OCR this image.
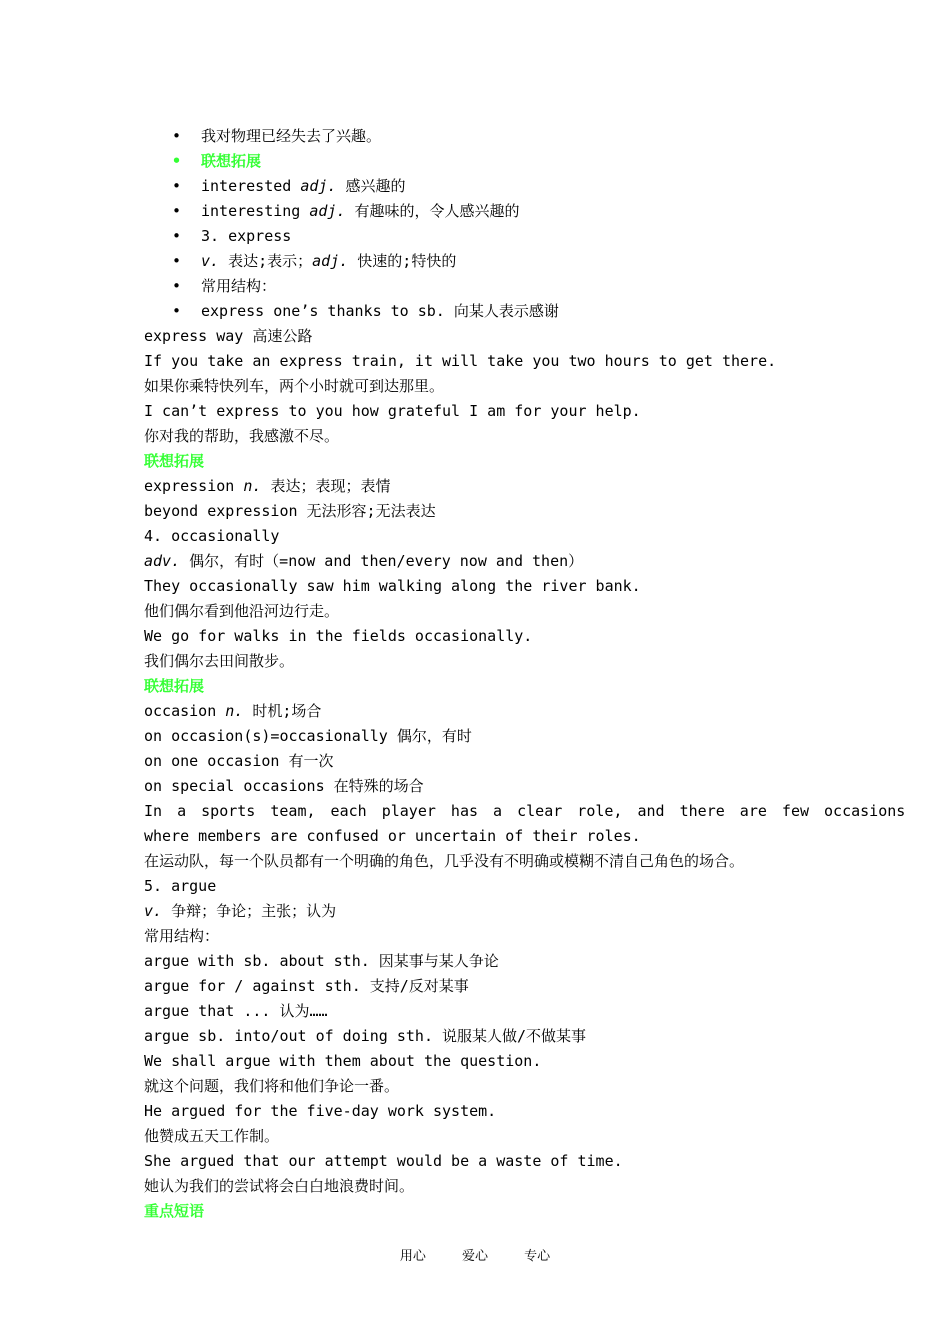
• 我对物理已经失去了兴趣。
• 联想拓展
• interested adj. 感兴趣的
• interesting adj. 有趣味的，令人感兴趣的
• 3. express
• v. 表达;表示；adj. 快速的;特快的
• 常用结构：
• express one’s thanks to sb. 向某人表示感谢
express way 高速公路
If you take an express train, it will take you two hours to get there.
如果你乘特快列车，两个小时就可到达那里。
I can’t express to you how grateful I am for your help.
你对我的帮助，我感激不尽。
联想拓展
expression n. 表达；表现；表情
beyond expression 无法形容;无法表达
4. occasionally
adv. 偶尔，有时（=now and then/every now and then）
They occasionally saw him walking along the river bank.
他们偶尔看到他沿河边行走。
We go for walks in the fields occasionally.
我们偶尔去田间散步。
联想拓展
occasion n. 时机;场合
on occasion(s)=occasionally 偶尔，有时
on one occasion 有一次
on special occasions 在特殊的场合
In a sports team, each player has a clear role, and there are few occasions
where members are confused or uncertain of their roles.
在运动队，每一个队员都有一个明确的角色，几乎没有不明确或模糊不清自己角色的场合。
5. argue
v. 争辩；争论；主张；认为
常用结构：
argue with sb. about sth. 因某事与某人争论
argue for / against sth. 支持/反对某事
argue that ... 认为……
argue sb. into/out of doing sth. 说服某人做/不做某事
We shall argue with them about the question.
就这个问题，我们将和他们争论一番。
He argued for the five-day work system.
他赞成五天工作制。
She argued that our attempt would be a waste of time.
她认为我们的尝试将会白白地浪费时间。
重点短语
用心	爱心	专心
